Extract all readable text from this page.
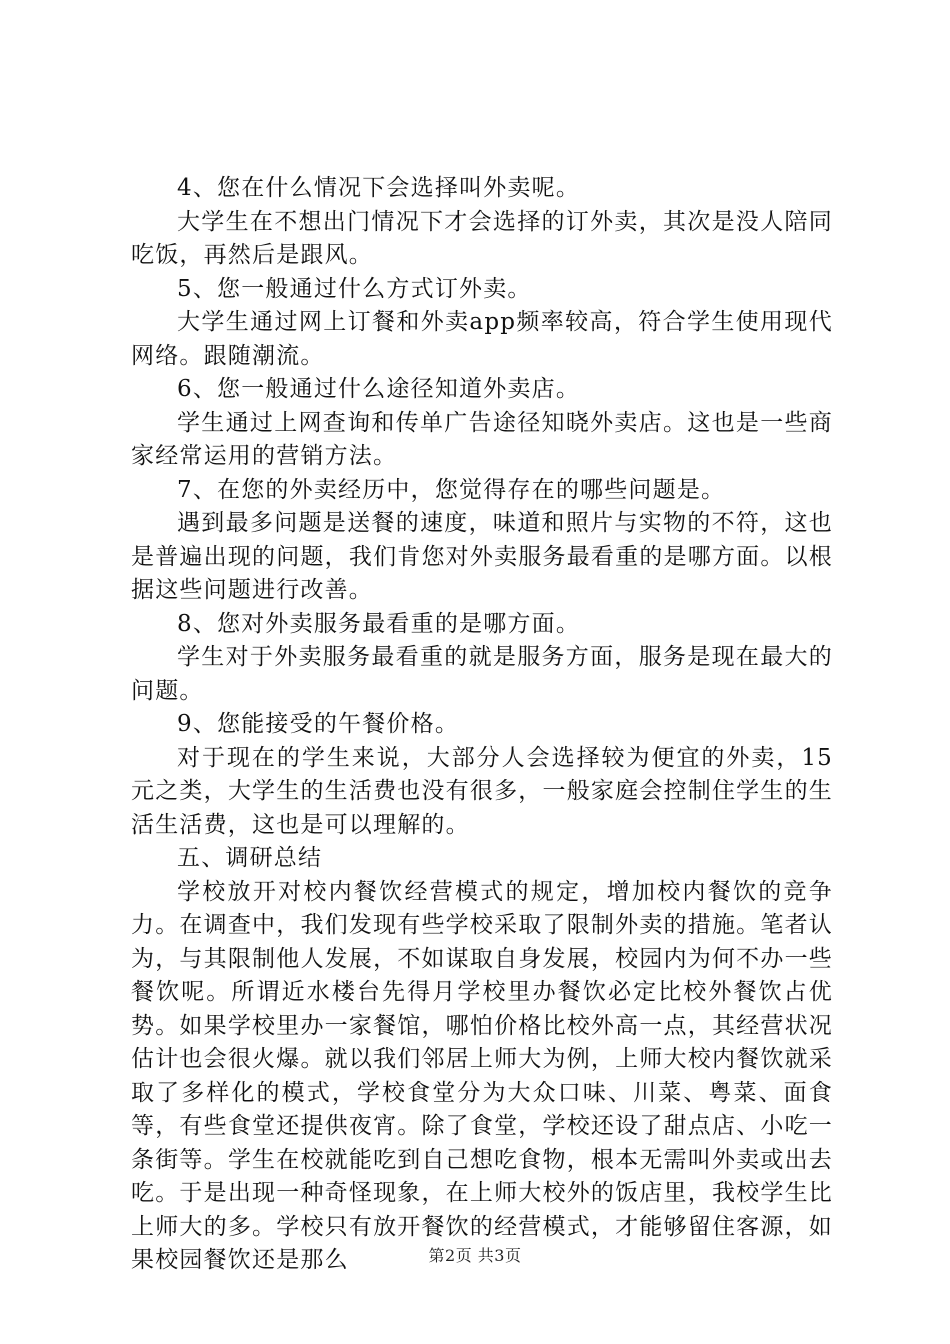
4、您在什么情况下会选择叫外卖呢。

大学生在不想出门情况下才会选择的订外卖，其次是没人陪同吃饭，再然后是跟风。

5、您一般通过什么方式订外卖。

大学生通过网上订餐和外卖app频率较高，符合学生使用现代网络。跟随潮流。

6、您一般通过什么途径知道外卖店。

学生通过上网查询和传单广告途径知晓外卖店。这也是一些商家经常运用的营销方法。

7、在您的外卖经历中，您觉得存在的哪些问题是。

遇到最多问题是送餐的速度，味道和照片与实物的不符，这也是普遍出现的问题，我们肯您对外卖服务最看重的是哪方面。以根据这些问题进行改善。

8、您对外卖服务最看重的是哪方面。

学生对于外卖服务最看重的就是服务方面，服务是现在最大的问题。

9、您能接受的午餐价格。

对于现在的学生来说，大部分人会选择较为便宜的外卖，15元之类，大学生的生活费也没有很多，一般家庭会控制住学生的生活生活费，这也是可以理解的。

五、调研总结

学校放开对校内餐饮经营模式的规定，增加校内餐饮的竞争力。在调查中，我们发现有些学校采取了限制外卖的措施。笔者认为，与其限制他人发展，不如谋取自身发展，校园内为何不办一些餐饮呢。所谓近水楼台先得月学校里办餐饮必定比校外餐饮占优势。如果学校里办一家餐馆，哪怕价格比校外高一点，其经营状况估计也会很火爆。就以我们邻居上师大为例，上师大校内餐饮就采取了多样化的模式，学校食堂分为大众口味、川菜、粤菜、面食等，有些食堂还提供夜宵。除了食堂，学校还设了甜点店、小吃一条街等。学生在校就能吃到自己想吃食物，根本无需叫外卖或出去吃。于是出现一种奇怪现象，在上师大校外的饭店里，我校学生比上师大的多。学校只有放开餐饮的经营模式，才能够留住客源，如果校园餐饮还是那么	第2页 共3页
